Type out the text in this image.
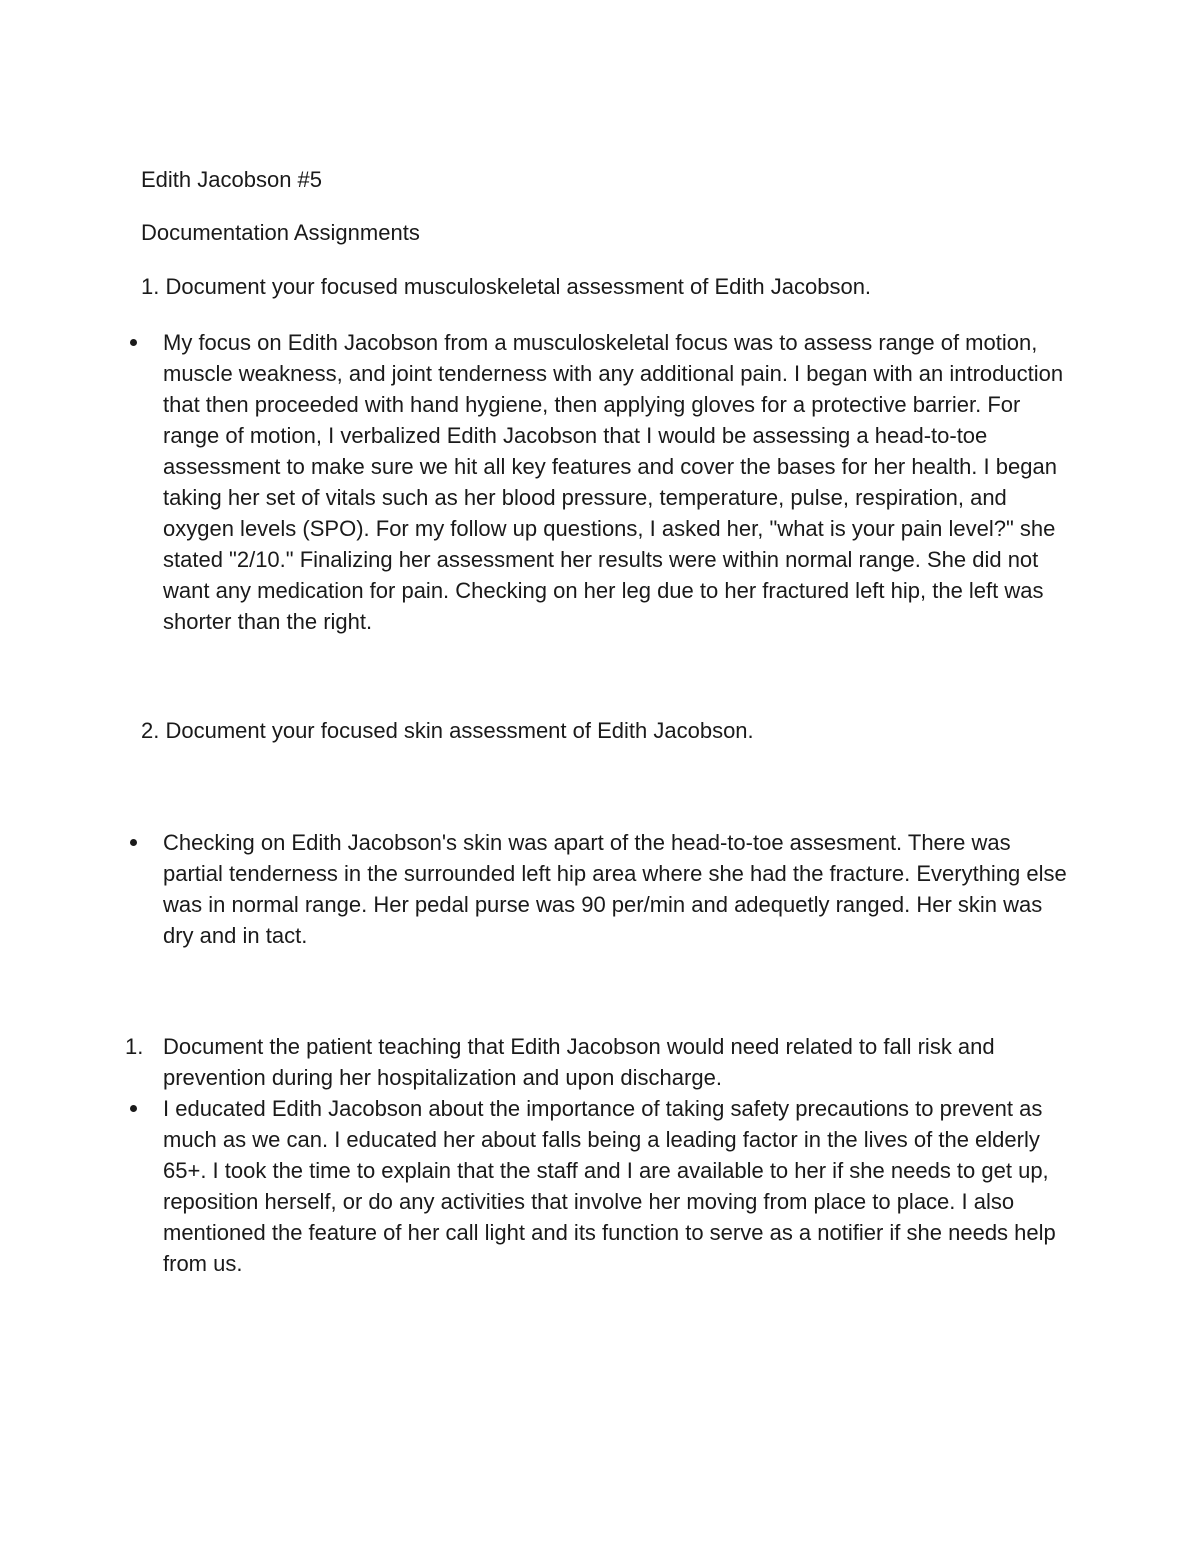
Edith Jacobson #5
Documentation Assignments
1. Document your focused musculoskeletal assessment of Edith Jacobson.
My focus on Edith Jacobson from a musculoskeletal focus was to assess range of motion, muscle weakness, and joint tenderness with any additional pain. I began with an introduction that then proceeded with hand hygiene, then applying gloves for a protective barrier. For range of motion, I verbalized Edith Jacobson that I would be assessing a head-to-toe assessment to make sure we hit all key features and cover the bases for her health. I began taking her set of vitals such as her blood pressure, temperature, pulse, respiration, and oxygen levels (SPO). For my follow up questions, I asked her, "what is your pain level?" she stated "2/10." Finalizing her assessment her results were within normal range. She did not want any medication for pain. Checking on her leg due to her fractured left hip, the left was shorter than the right.
2. Document your focused skin assessment of Edith Jacobson.
Checking on Edith Jacobson's skin was apart of the head-to-toe assesment. There was partial tenderness in the surrounded left hip area where she had the fracture. Everything else was in normal range. Her pedal purse was 90 per/min and adequetly ranged. Her skin was dry and in tact.
1. Document the patient teaching that Edith Jacobson would need related to fall risk and prevention during her hospitalization and upon discharge.
I educated Edith Jacobson about the importance of taking safety precautions to prevent as much as we can. I educated her about falls being a leading factor in the lives of the elderly 65+. I took the time to explain that the staff and I are available to her if she needs to get up, reposition herself, or do any activities that involve her moving from place to place. I also mentioned the feature of her call light and its function to serve as a notifier if she needs help from us.
